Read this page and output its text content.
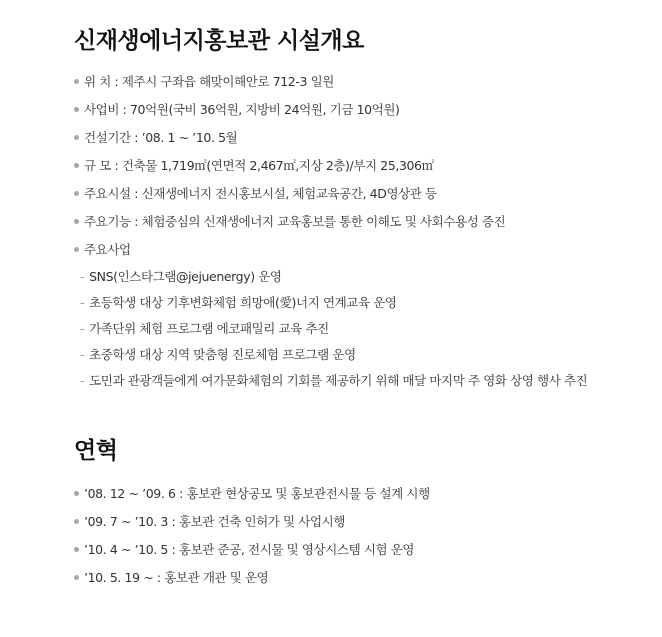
신재생에너지홍보관 시설개요
위 치 : 제주시 구좌읍 해맞이해안로 712-3 일원
사업비 : 70억원(국비 36억원, 지방비 24억원, 기금 10억원)
건설기간 : ’08. 1 ~ ’10. 5월
규 모 : 건축물 1,719㎡(연면적 2,467㎡,지상 2층)/부지 25,306㎡
주요시설 : 신재생에너지 전시홍보시설, 체험교육공간, 4D영상관 등
주요기능 : 체험중심의 신재생에너지 교육홍보를 통한 이해도 및 사회수용성 증진
주요사업
- SNS(인스타그램@jejuenergy) 운영
- 초등학생 대상 기후변화체험 희망애(愛)너지 연계교육 운영
- 가족단위 체험 프로그램 에코패밀리 교육 추진
- 초중학생 대상 지역 맞춤형 진로체험 프로그램 운영
- 도민과 관광객들에게 여가문화체험의 기회를 제공하기 위해 매달 마지막 주 영화 상영 행사 추진
연혁
’08. 12 ~ ’09. 6 : 홍보관 현상공모 및 홍보관전시물 등 설계 시행
’09. 7 ~ ’10. 3 : 홍보관 건축 인허가 및 사업시행
’10. 4 ~ ’10. 5 : 홍보관 준공, 전시물 및 영상시스템 시험 운영
’10. 5. 19 ~ : 홍보관 개관 및 운영
